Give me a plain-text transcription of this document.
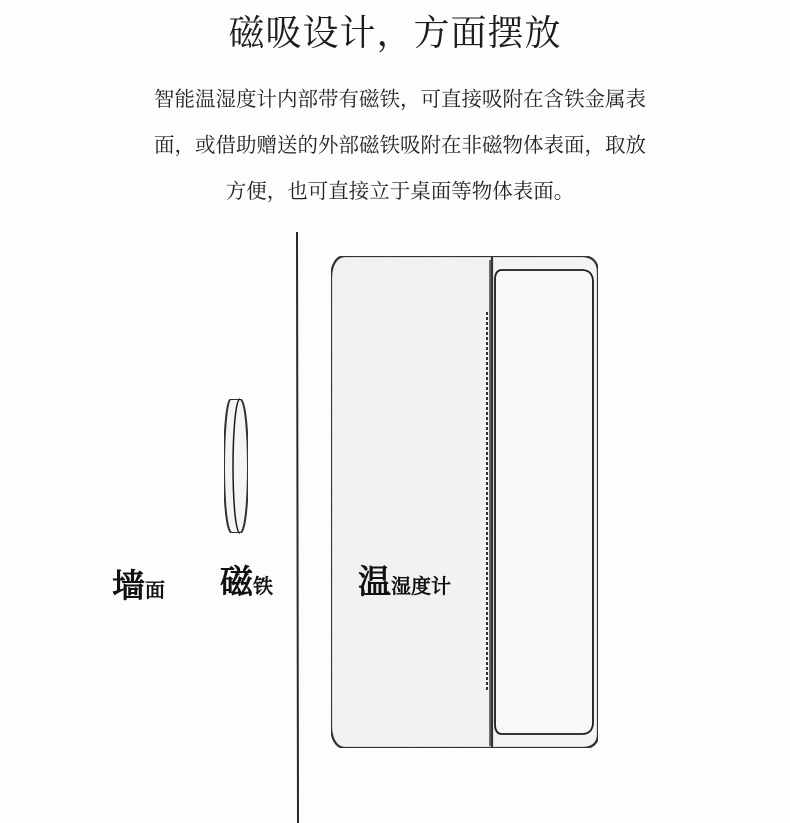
磁吸设计，方面摆放
智能温湿度计内部带有磁铁，可直接吸附在含铁金属表
面，或借助赠送的外部磁铁吸附在非磁物体表面，取放
方便，也可直接立于桌面等物体表面。
墙面 磁铁	温湿度计
